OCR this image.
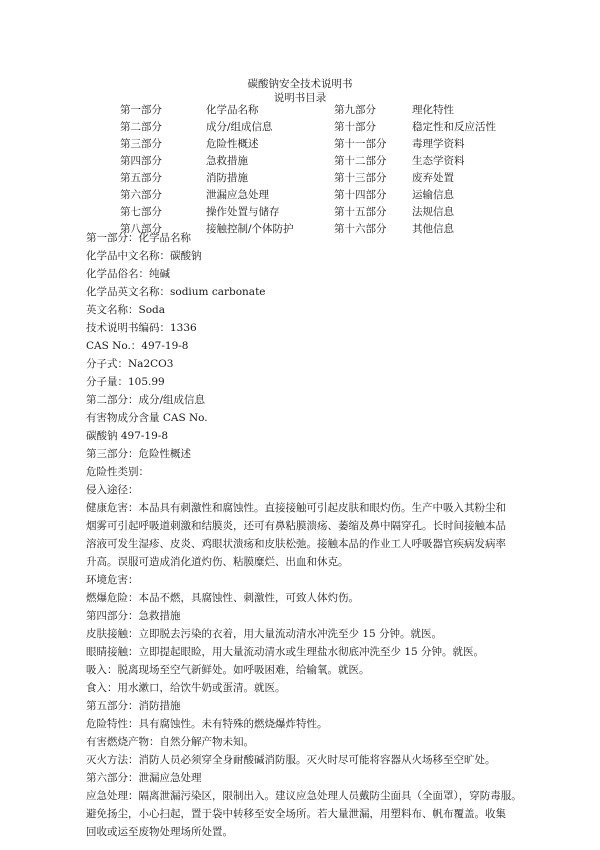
碳酸钠安全技术说明书
说明书目录
第一部分	化学品名称	第九部分	理化特性
第二部分	成分/组成信息	第十部分	稳定性和反应活性
第三部分	危险性概述	第十一部分 毒理学资料
第四部分	急救措施	第十二部分 生态学资料
第五部分	消防措施	第十三部分 废弃处置
第六部分	泄漏应急处理	第十四部分 运输信息
第七部分	操作处置与储存	第十五部分 法规信息
第八部分	接触控制/个体防护	第十六部分 其他信息
第一部分：化学品名称
化学品中文名称：碳酸钠
化学品俗名：纯碱
化学品英文名称：sodium carbonate
英文名称：Soda
技术说明书编码：1336
CAS No.：497-19-8
分子式：Na2CO3
分子量：105.99
第二部分：成分/组成信息
有害物成分含量 CAS No.
碳酸钠 497-19-8
第三部分：危险性概述
危险性类别：
侵入途径：
健康危害：本品具有刺激性和腐蚀性。直接接触可引起皮肤和眼灼伤。生产中吸入其粉尘和
烟雾可引起呼吸道刺激和结膜炎，还可有鼻粘膜溃疡、萎缩及鼻中隔穿孔。长时间接触本品
溶液可发生湿疹、皮炎、鸡眼状溃疡和皮肤松弛。接触本品的作业工人呼吸器官疾病发病率
升高。误服可造成消化道灼伤、粘膜糜烂、出血和休克。
环境危害：
燃爆危险：本品不燃，具腐蚀性、刺激性，可致人体灼伤。
第四部分：急救措施
皮肤接触：立即脱去污染的衣着，用大量流动清水冲洗至少 15 分钟。就医。
眼睛接触：立即提起眼睑，用大量流动清水或生理盐水彻底冲洗至少 15 分钟。就医。
吸入：脱离现场至空气新鲜处。如呼吸困难，给输氧。就医。
食入：用水漱口，给饮牛奶或蛋清。就医。
第五部分：消防措施
危险特性：具有腐蚀性。未有特殊的燃烧爆炸特性。
有害燃烧产物：自然分解产物未知。
灭火方法：消防人员必须穿全身耐酸碱消防服。灭火时尽可能将容器从火场移至空旷处。
第六部分：泄漏应急处理
应急处理：隔离泄漏污染区，限制出入。建议应急处理人员戴防尘面具（全面罩），穿防毒服。
避免扬尘，小心扫起，置于袋中转移至安全场所。若大量泄漏，用塑料布、帆布覆盖。收集
回收或运至废物处理场所处置。
